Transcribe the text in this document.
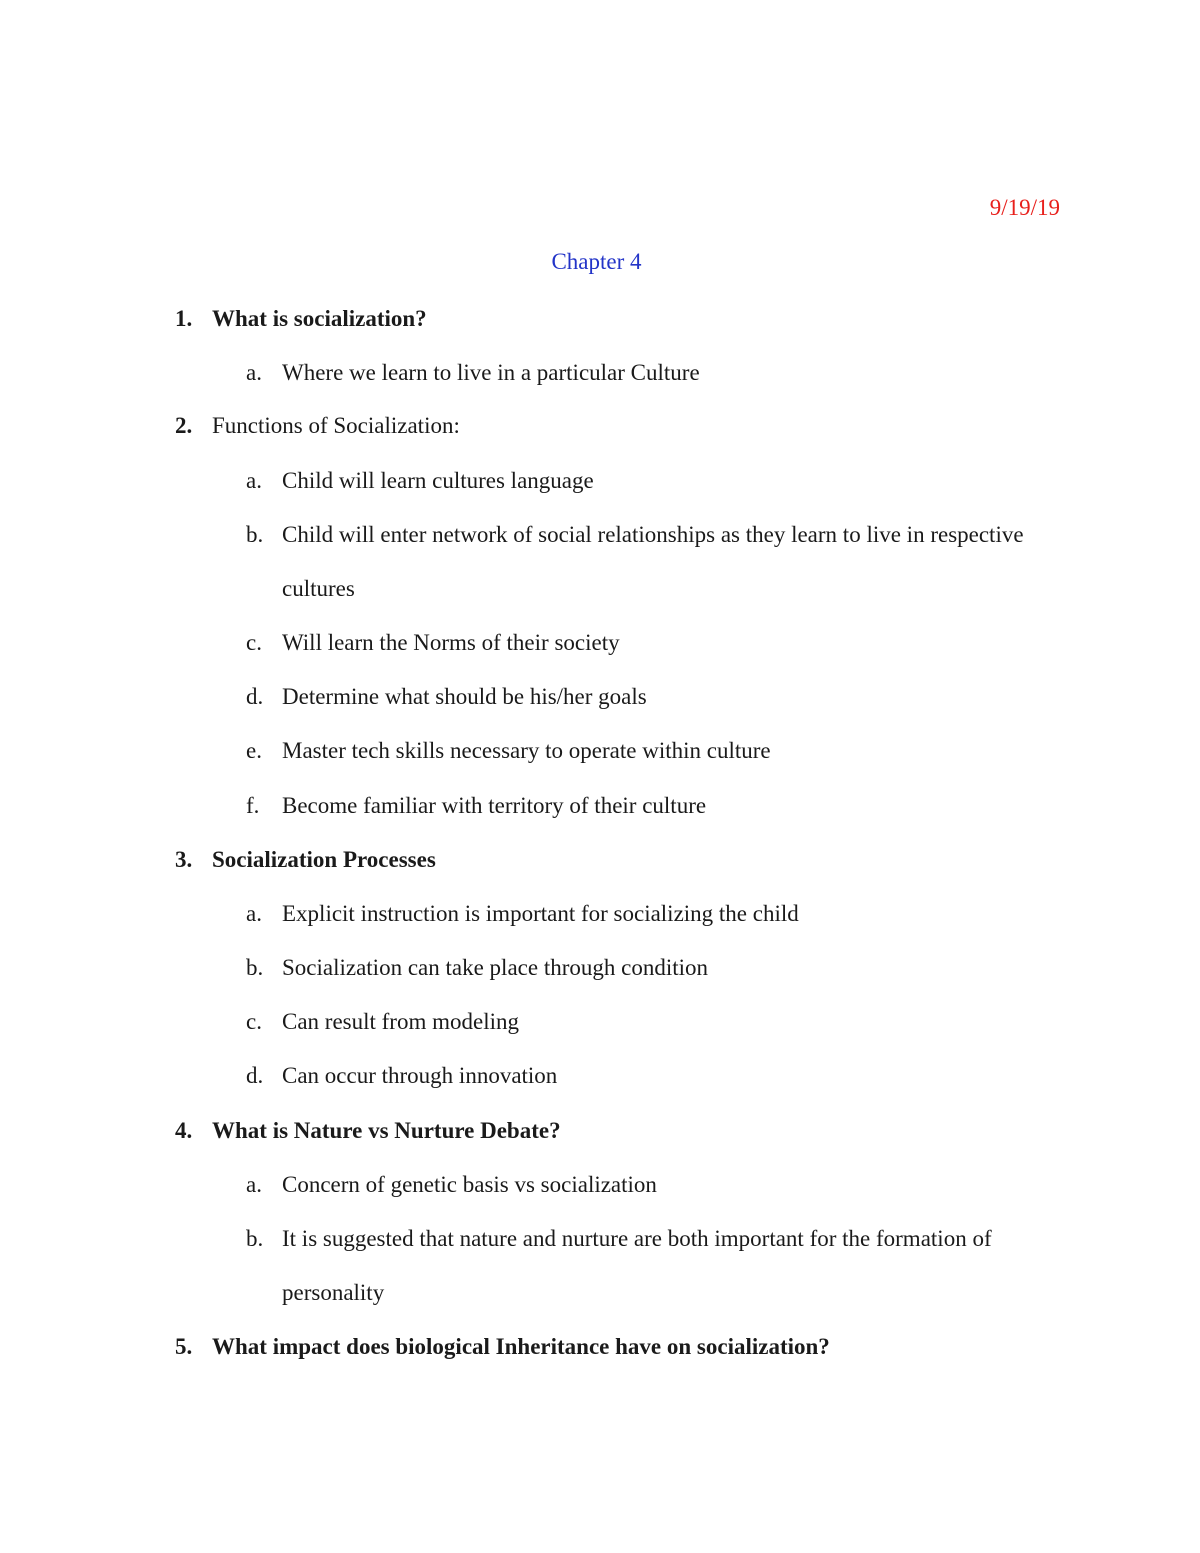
9/19/19
Chapter 4
1. What is socialization?
a. Where we learn to live in a particular Culture
2. Functions of Socialization:
a. Child will learn cultures language
b. Child will enter network of social relationships as they learn to live in respective
cultures
c. Will learn the Norms of their society
d. Determine what should be his/her goals
e. Master tech skills necessary to operate within culture
f. Become familiar with territory of their culture
3. Socialization Processes
a. Explicit instruction is important for socializing the child
b. Socialization can take place through condition
c. Can result from modeling
d. Can occur through innovation
4. What is Nature vs Nurture Debate?
a. Concern of genetic basis vs socialization
b. It is suggested that nature and nurture are both important for the formation of
personality
5. What impact does biological Inheritance have on socialization?
